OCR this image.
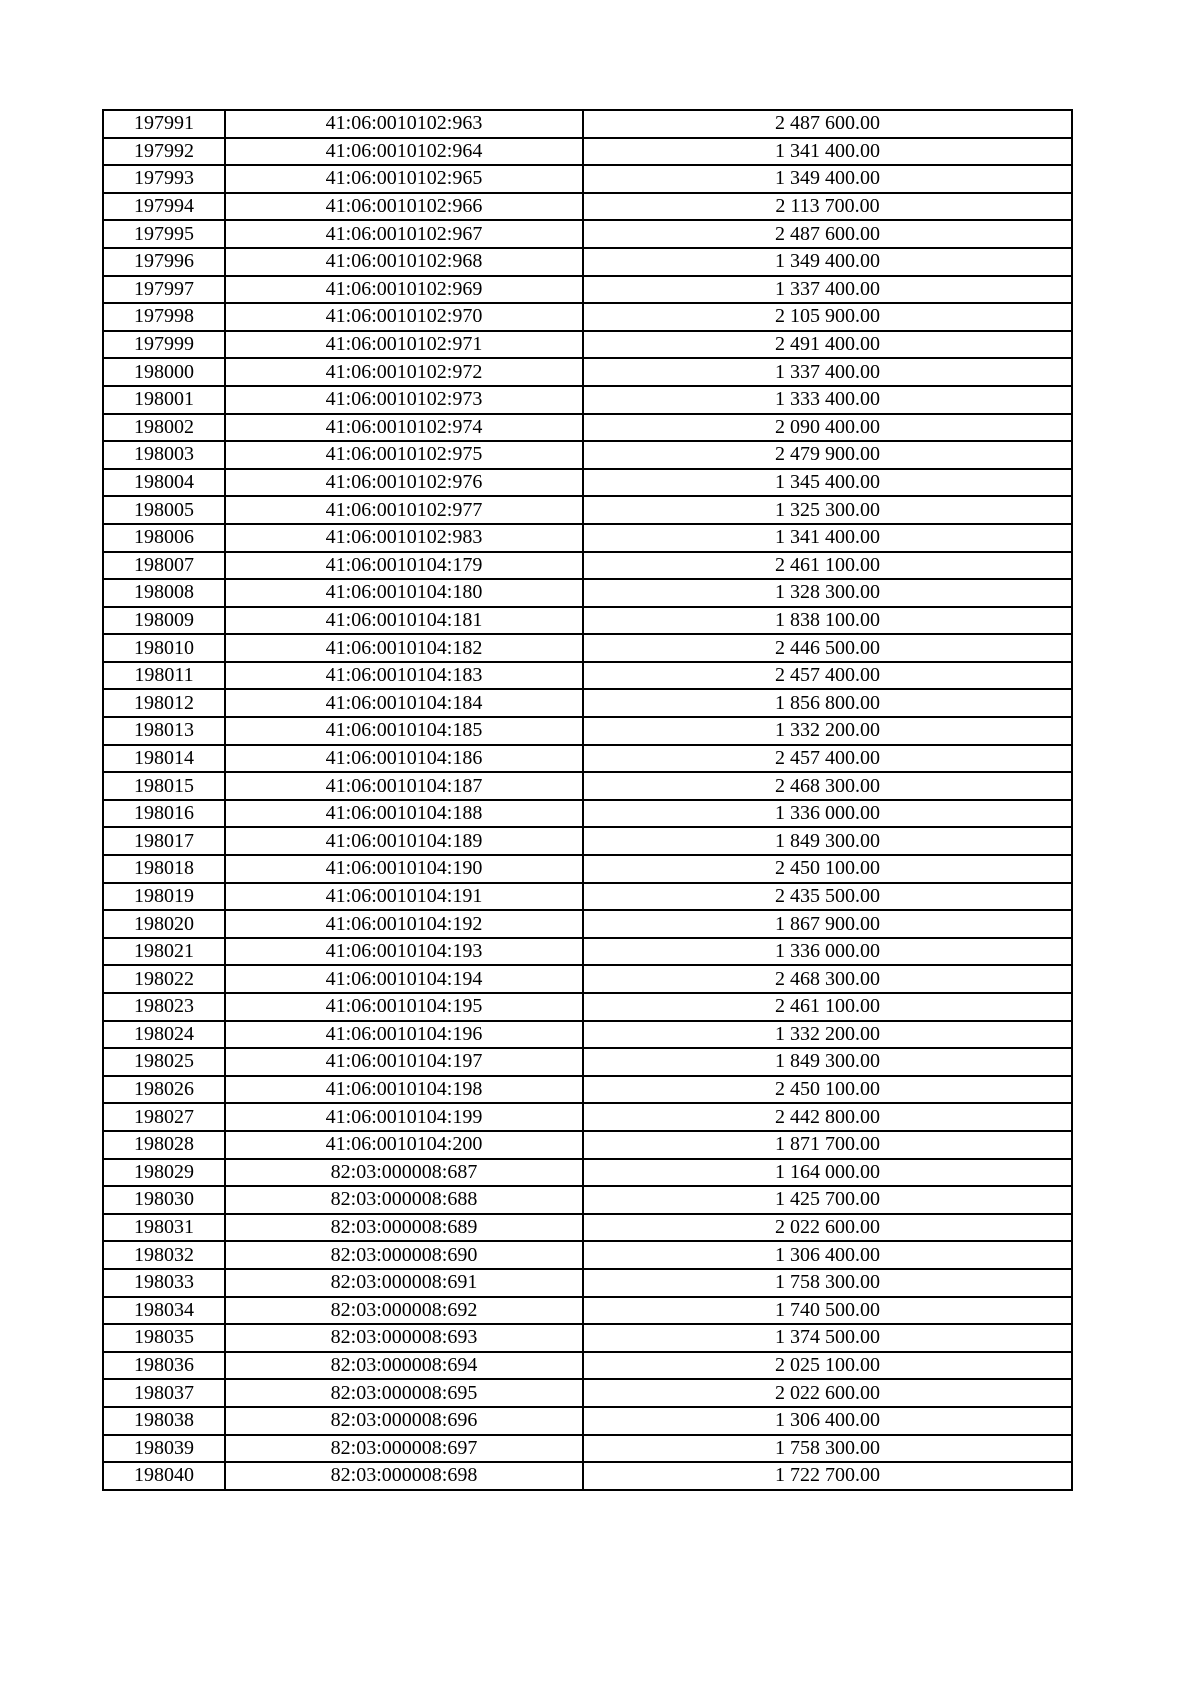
197991	41:06:0010102:963	2 487 600.00
197992	41:06:0010102:964	1 341 400.00
197993	41:06:0010102:965	1 349 400.00
197994	41:06:0010102:966	2 113 700.00
197995	41:06:0010102:967	2 487 600.00
197996	41:06:0010102:968	1 349 400.00
197997	41:06:0010102:969	1 337 400.00
197998	41:06:0010102:970	2 105 900.00
197999	41:06:0010102:971	2 491 400.00
198000	41:06:0010102:972	1 337 400.00
198001	41:06:0010102:973	1 333 400.00
198002	41:06:0010102:974	2 090 400.00
198003	41:06:0010102:975	2 479 900.00
198004	41:06:0010102:976	1 345 400.00
198005	41:06:0010102:977	1 325 300.00
198006	41:06:0010102:983	1 341 400.00
198007	41:06:0010104:179	2 461 100.00
198008	41:06:0010104:180	1 328 300.00
198009	41:06:0010104:181	1 838 100.00
198010	41:06:0010104:182	2 446 500.00
198011	41:06:0010104:183	2 457 400.00
198012	41:06:0010104:184	1 856 800.00
198013	41:06:0010104:185	1 332 200.00
198014	41:06:0010104:186	2 457 400.00
198015	41:06:0010104:187	2 468 300.00
198016	41:06:0010104:188	1 336 000.00
198017	41:06:0010104:189	1 849 300.00
198018	41:06:0010104:190	2 450 100.00
198019	41:06:0010104:191	2 435 500.00
198020	41:06:0010104:192	1 867 900.00
198021	41:06:0010104:193	1 336 000.00
198022	41:06:0010104:194	2 468 300.00
198023	41:06:0010104:195	2 461 100.00
198024	41:06:0010104:196	1 332 200.00
198025	41:06:0010104:197	1 849 300.00
198026	41:06:0010104:198	2 450 100.00
198027	41:06:0010104:199	2 442 800.00
198028	41:06:0010104:200	1 871 700.00
198029	82:03:000008:687	1 164 000.00
198030	82:03:000008:688	1 425 700.00
198031	82:03:000008:689	2 022 600.00
198032	82:03:000008:690	1 306 400.00
198033	82:03:000008:691	1 758 300.00
198034	82:03:000008:692	1 740 500.00
198035	82:03:000008:693	1 374 500.00
198036	82:03:000008:694	2 025 100.00
198037	82:03:000008:695	2 022 600.00
198038	82:03:000008:696	1 306 400.00
198039	82:03:000008:697	1 758 300.00
198040	82:03:000008:698	1 722 700.00
